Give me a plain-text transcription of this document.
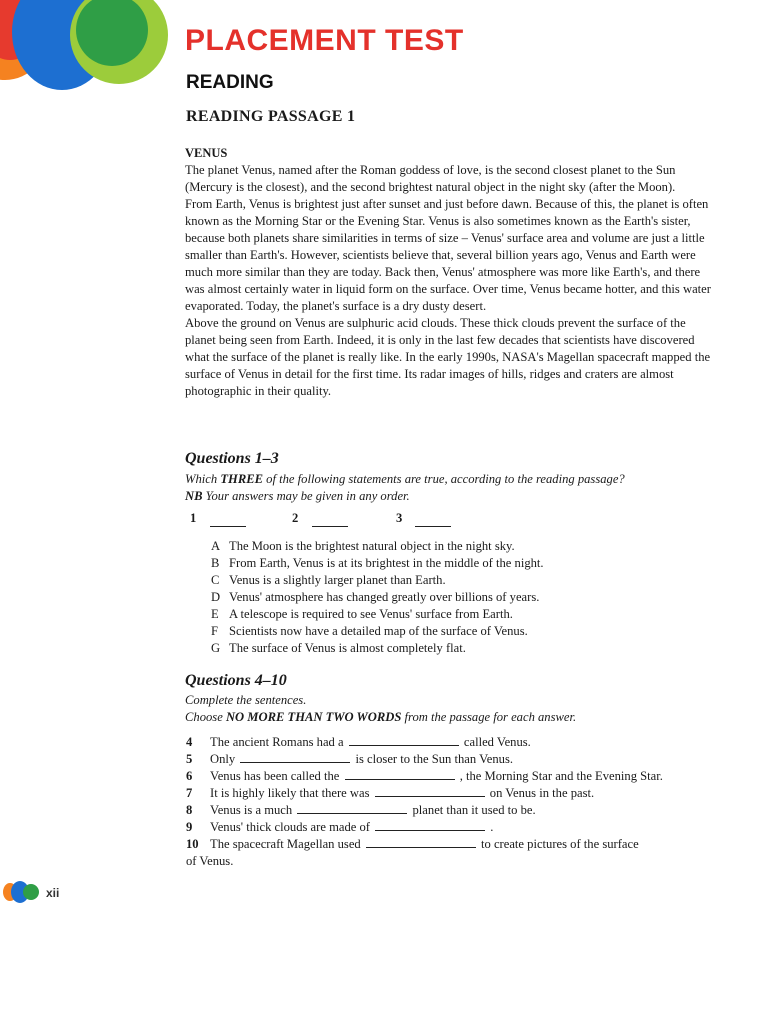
PLACEMENT TEST
READING
READING PASSAGE 1
VENUS

The planet Venus, named after the Roman goddess of love, is the second closest planet to the Sun (Mercury is the closest), and the second brightest natural object in the night sky (after the Moon).

From Earth, Venus is brightest just after sunset and just before dawn. Because of this, the planet is often known as the Morning Star or the Evening Star. Venus is also sometimes known as the Earth's sister, because both planets share similarities in terms of size – Venus' surface area and volume are just a little smaller than Earth's. However, scientists believe that, several billion years ago, Venus and Earth were much more similar than they are today. Back then, Venus' atmosphere was more like Earth's, and there was almost certainly water in liquid form on the surface. Over time, Venus became hotter, and this water evaporated. Today, the planet's surface is a dry dusty desert.

Above the ground on Venus are sulphuric acid clouds. These thick clouds prevent the surface of the planet being seen from Earth. Indeed, it is only in the last few decades that scientists have discovered what the surface of the planet is really like. In the early 1990s, NASA's Magellan spacecraft mapped the surface of Venus in detail for the first time. Its radar images of hills, ridges and craters are almost photographic in their quality.

Questions 1–3
Which THREE of the following statements are true, according to the reading passage?
NB Your answers may be given in any order.
1	2	3
A The Moon is the brightest natural object in the night sky.
B From Earth, Venus is at its brightest in the middle of the night.
C Venus is a slightly larger planet than Earth.
D Venus' atmosphere has changed greatly over billions of years.
E A telescope is required to see Venus' surface from Earth.
F Scientists now have a detailed map of the surface of Venus.
G The surface of Venus is almost completely flat.
Questions 4–10
Complete the sentences.
Choose NO MORE THAN TWO WORDS from the passage for each answer.
4 The ancient Romans had a	called Venus.
5 Only	is closer to the Sun than Venus.
6 Venus has been called the	, the Morning Star and the Evening Star.
7 It is highly likely that there was	on Venus in the past.
8 Venus is a much	planet than it used to be.
9 Venus' thick clouds are made of	.
10 The spacecraft Magellan used	to create pictures of the surface
of Venus.
xii
